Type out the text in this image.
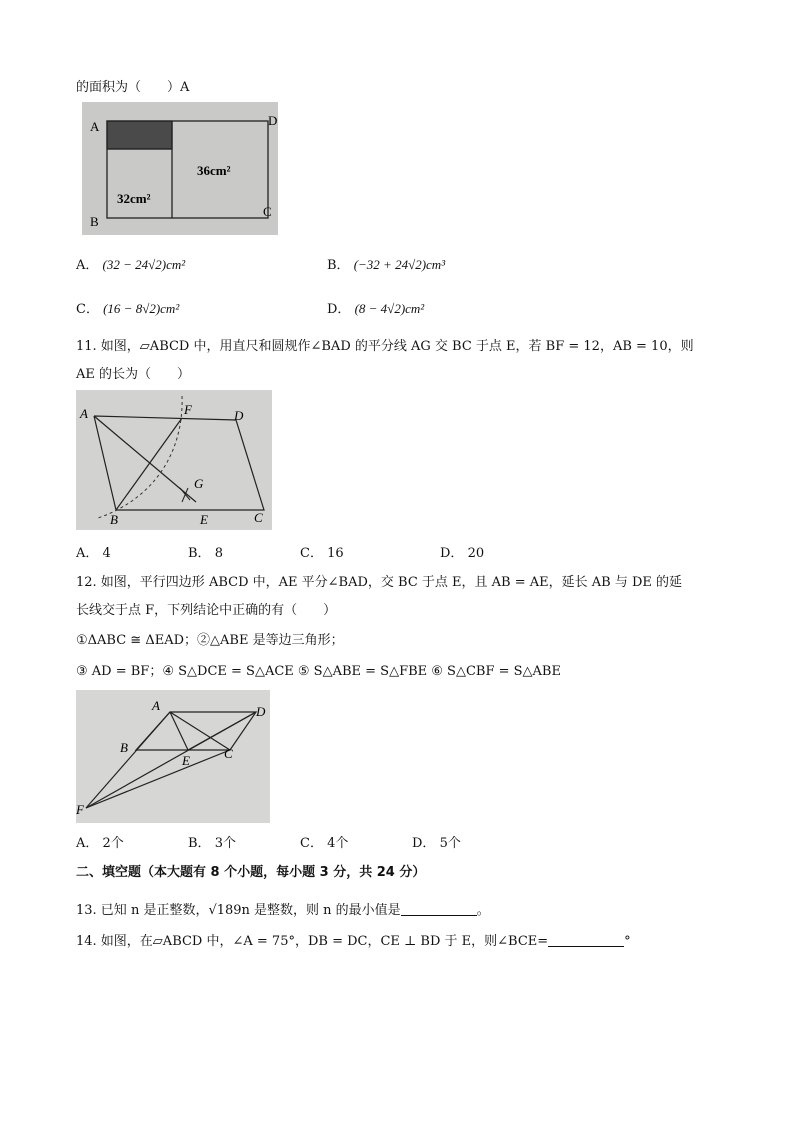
的面积为（　　）A
A	D
B
C
32cm²
36cm²
A． (32 − 24√2)cm²	B． (−32 + 24√2)cm³
C． (16 − 8√2)cm²	D． (8 − 4√2)cm²
11. 如图，▱ABCD 中，用直尺和圆规作∠BAD 的平分线 AG 交 BC 于点 E，若 BF = 12，AB = 10，则
AE 的长为（　　）
A	F	D
G
B	E	C
A． 4	B． 8	C． 16	D． 20
12. 如图，平行四边形 ABCD 中，AE 平分∠BAD，交 BC 于点 E，且 AB = AE，延长 AB 与 DE 的延
长线交于点 F，下列结论中正确的有（　　）
①ΔABC ≅ ΔEAD；②△ABE 是等边三角形；
③ AD = BF；④ S△DCE = S△ACE ⑤ S△ABE = S△FBE ⑥ S△CBF = S△ABE
A	D
B
E	C
F
A． 2个	B． 3个	C． 4个	D． 5个
二、填空题（本大题有 8 个小题，每小题 3 分，共 24 分）
13. 已知 n 是正整数，√189n 是整数，则 n 的最小值是	。
14. 如图，在▱ABCD 中，∠A = 75°，DB = DC，CE ⊥ BD 于 E，则∠BCE=	°
